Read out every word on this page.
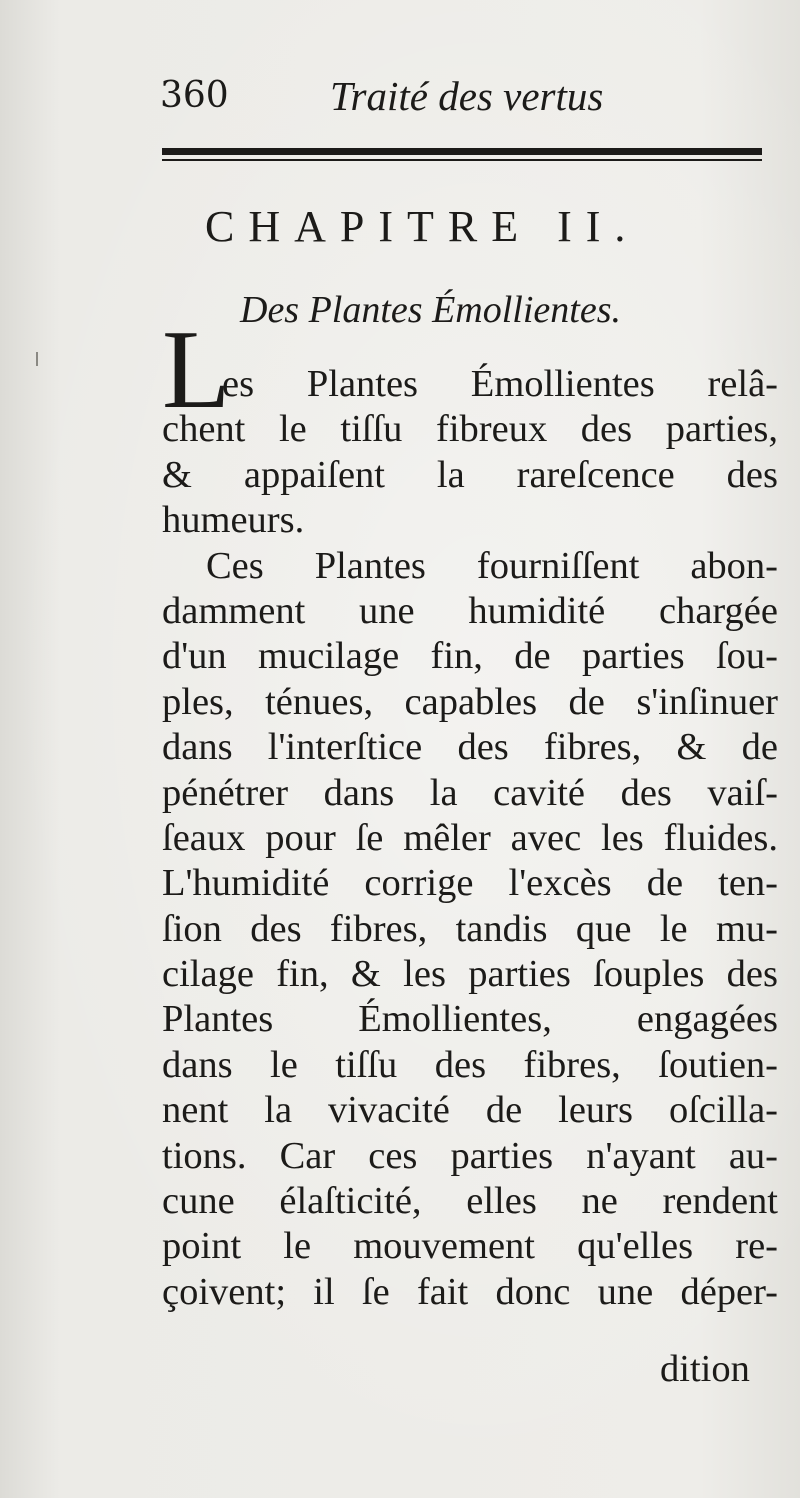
360 Traité des vertus
CHAPITRE II.
Des Plantes Émollientes.
L
es Plantes Émollientes relâ-
chent le tiſſu fibreux des parties,
& appaiſent la rareſcence des
humeurs.
Ces Plantes fourniſſent abon-
damment une humidité chargée
d'un mucilage fin, de parties ſou-
ples, ténues, capables de s'inſinuer
dans l'interſtice des fibres, & de
pénétrer dans la cavité des vaiſ-
ſeaux pour ſe mêler avec les fluides.
L'humidité corrige l'excès de ten-
ſion des fibres, tandis que le mu-
cilage fin, & les parties ſouples des
Plantes Émollientes, engagées
dans le tiſſu des fibres, ſoutien-
nent la vivacité de leurs oſcilla-
tions. Car ces parties n'ayant au-
cune élaſticité, elles ne rendent
point le mouvement qu'elles re-
çoivent; il ſe fait donc une déper-
dition
